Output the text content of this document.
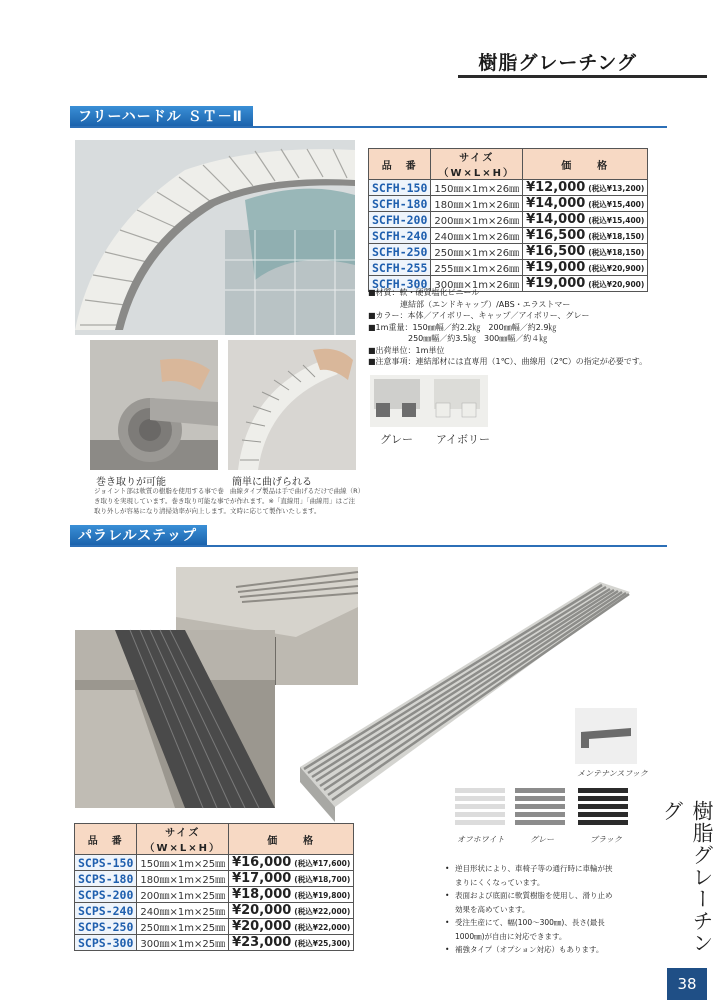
樹脂グレーチング
フリーハードル ＳＴ－Ⅱ
品　番	サイズ（W×L×H）	価　　格
SCFH-150	150㎜×1m×26㎜	¥12,000 (税込¥13,200)
SCFH-180	180㎜×1m×26㎜	¥14,000 (税込¥15,400)
SCFH-200	200㎜×1m×26㎜	¥14,000 (税込¥15,400)
SCFH-240	240㎜×1m×26㎜	¥16,500 (税込¥18,150)
SCFH-250	250㎜×1m×26㎜	¥16,500 (税込¥18,150)
SCFH-255	255㎜×1m×26㎜	¥19,000 (税込¥20,900)
SCFH-300	300㎜×1m×26㎜	¥19,000 (税込¥20,900)
■材質：軟・硬質塩化ビニール
　　　　連結部（エンドキャップ）/ABS・エラストマー
■カラー：本体／アイボリー、キャップ／アイボリー、グレー
■1m重量：150㎜幅／約2.2㎏　200㎜幅／約2.9㎏
　　　　　250㎜幅／約3.5㎏　300㎜幅／約４㎏
■出荷単位：1m単位
■注意事項：連結部材には直専用（1℃）、曲線用（2℃）の指定が必要です。
グレー アイボリー
巻き取りが可能
ジョイント部は軟質の樹脂を使用する事で巻
き取りを実現しています。巻き取り可能な事で
取り外しが容易になり清掃効率が向上します。
簡単に曲げられる
曲線タイプ製品は手で曲げるだけで曲線（R）
が作れます。※「直線用」「曲線用」はご注
文時に応じて製作いたします。
パラレルステップ
メンテナンスフック
オフホワイト	グレー	ブラック
品　番	サイズ（W×L×H）	価　　格
SCPS-150	150㎜×1m×25㎜	¥16,000 (税込¥17,600)
SCPS-180	180㎜×1m×25㎜	¥17,000 (税込¥18,700)
SCPS-200	200㎜×1m×25㎜	¥18,000 (税込¥19,800)
SCPS-240	240㎜×1m×25㎜	¥20,000 (税込¥22,000)
SCPS-250	250㎜×1m×25㎜	¥20,000 (税込¥22,000)
SCPS-300	300㎜×1m×25㎜	¥23,000 (税込¥25,300)
• 逆目形状により、車椅子等の通行時に車輪が挟
まりにくくなっています。
• 表面および底面に軟質樹脂を使用し、滑り止め
効果を高めています。
• 受注生産にて、幅(100～300㎜)、長さ(最長
1000㎜)が自由に対応できます。
• 補強タイプ（オプション対応）もあります。	樹脂グレーチング
38
